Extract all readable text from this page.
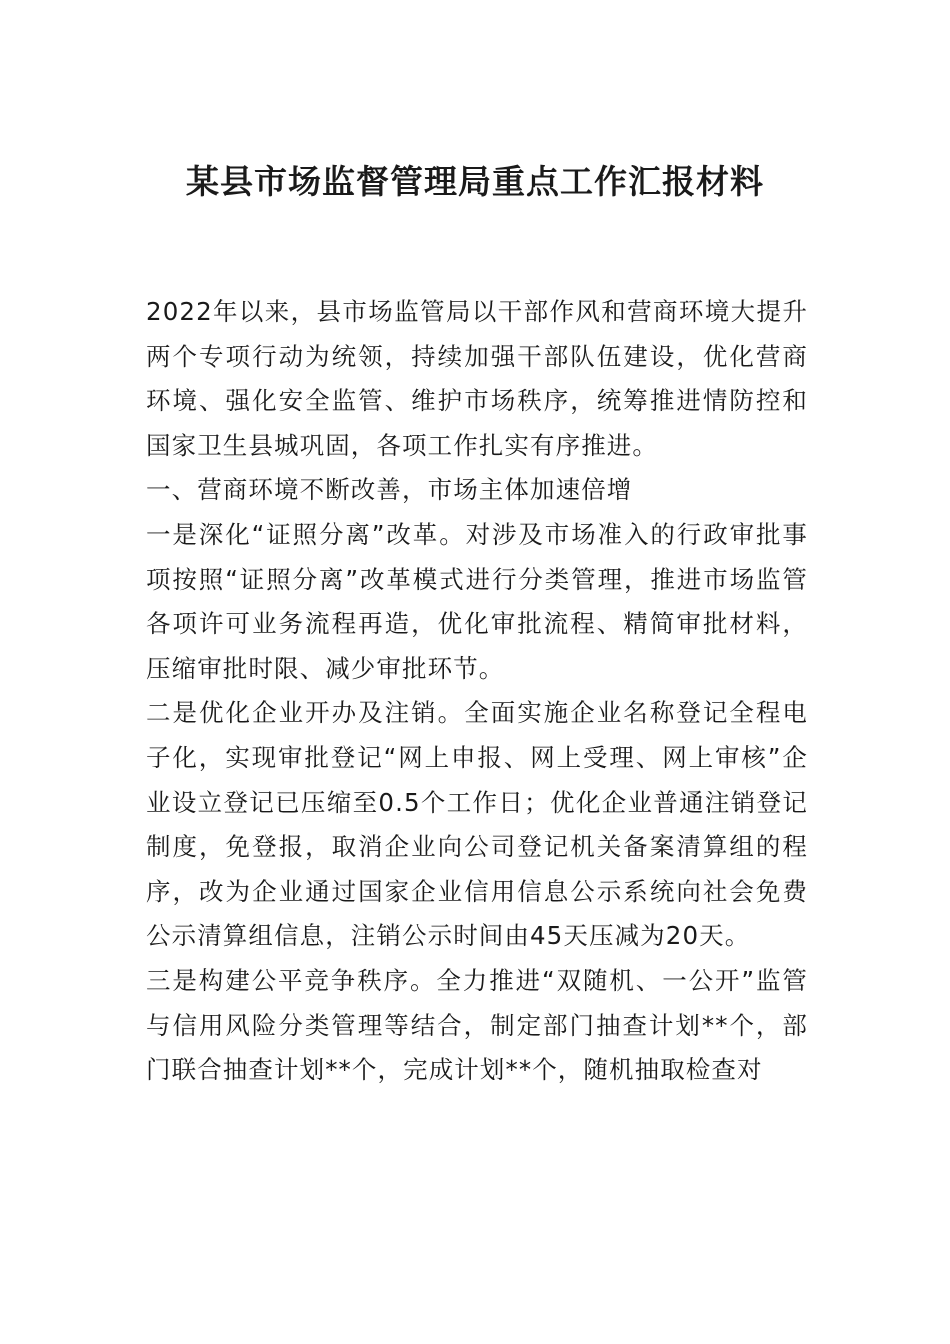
某县市场监督管理局重点工作汇报材料

2022年以来，县市场监管局以干部作风和营商环境大提升两个专项行动为统领，持续加强干部队伍建设，优化营商环境、强化安全监管、维护市场秩序，统筹推进情防控和国家卫生县城巩固，各项工作扎实有序推进。

一、营商环境不断改善，市场主体加速倍增

一是深化“证照分离”改革。对涉及市场准入的行政审批事项按照“证照分离”改革模式进行分类管理，推进市场监管各项许可业务流程再造，优化审批流程、精简审批材料，压缩审批时限、减少审批环节。

二是优化企业开办及注销。全面实施企业名称登记全程电子化，实现审批登记“网上申报、网上受理、网上审核”企业设立登记已压缩至0.5个工作日；优化企业普通注销登记制度，免登报，取消企业向公司登记机关备案清算组的程序，改为企业通过国家企业信用信息公示系统向社会免费公示清算组信息，注销公示时间由45天压减为20天。

三是构建公平竞争秩序。全力推进“双随机、一公开”监管与信用风险分类管理等结合，制定部门抽查计划**个，部门联合抽查计划**个，完成计划**个，随机抽取检查对
